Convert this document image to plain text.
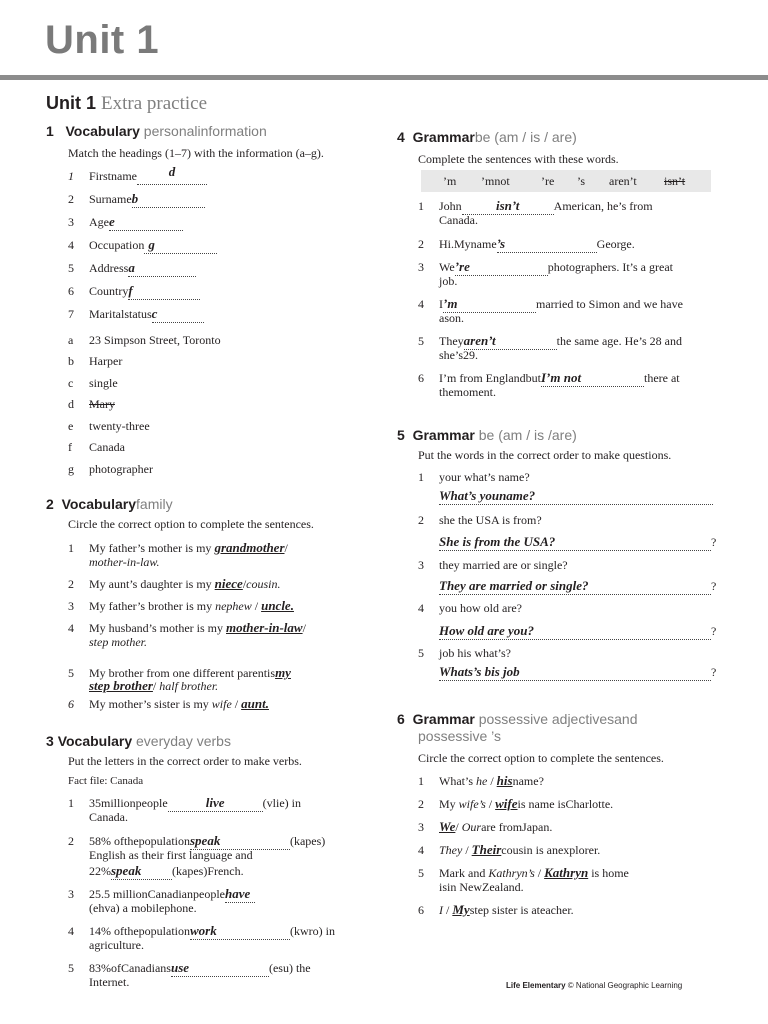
Unit 1
Unit 1 Extra practice
1 Vocabulary personalinformation
Match the headings (1–7) with the information (a–g).
1 Firstname d
2 Surnameb
3 Agee
4 Occupation g
5 Addressa
6 Countryf
7 Maritalstatusc
a 23 Simpson Street, Toronto
b Harper
c single
d Mary
e twenty-three
f Canada
g photographer
2 Vocabularyfamily
Circle the correct option to complete the sentences.
1 My father’s mother is my grandmother/
mother-in-law.
2 My aunt’s daughter is my niece/cousin.
3 My father’s brother is my nephew / uncle.
4 My husband’s mother is my mother-in-law/
step mother.
5 My brother from one different parentismy
step brother/ half brother.
6 My mother’s sister is my wife / aunt.
3 Vocabulary everyday verbs
Put the letters in the correct order to make verbs.
Fact file: Canada
1 35millionpeople	live	(vlie) in
Canada.
2 58% ofthepopulationspeak	(kapes)
English as their first language and
22%speak	(kapes)French.
3 25.5 millionCanadianpeoplehave
(ehva) a mobilephone.
4 14% ofthepopulationwork	(kwro) in
agriculture.
5 83%ofCanadiansuse	(esu) the
Internet.
4 Grammarbe (am / is / are)
Complete the sentences with these words.
’m ’mnot	’re ’s aren’t isn’t
1 John	isn’t	American, he’s from
Canada.
2 Hi.Myname’s	George.
3 We’re	photographers. It’s a great
job.
4 I’m	married to Simon and we have
ason.
5 Theyaren’t	the same age. He’s 28 and
she’s29.
6 I’m from EnglandbutI’m not	there at
themoment.
5 Grammar be (am / is /are)
Put the words in the correct order to make questions.
1 your what’s name?
What’s youname?
2 she the USA is from?
She is from the USA?	?
3 they married are or single?
They are married or single?	?
4 you how old are?
How old are you?	?
5 job his what’s?
Whats’s bis job	?
6 Grammar possessive adjectivesand
possessive ’s
Circle the correct option to complete the sentences.
1 What’s he / hisname?
2 My wife’s / wifeis name isCharlotte.
3 We/ Ourare fromJapan.
4 They / Theircousin is anexplorer.
5 Mark and Kathryn’s / Kathryn is home
isin NewZealand.
6 I / Mystep sister is ateacher.
Life Elementary © National Geographic Learning
